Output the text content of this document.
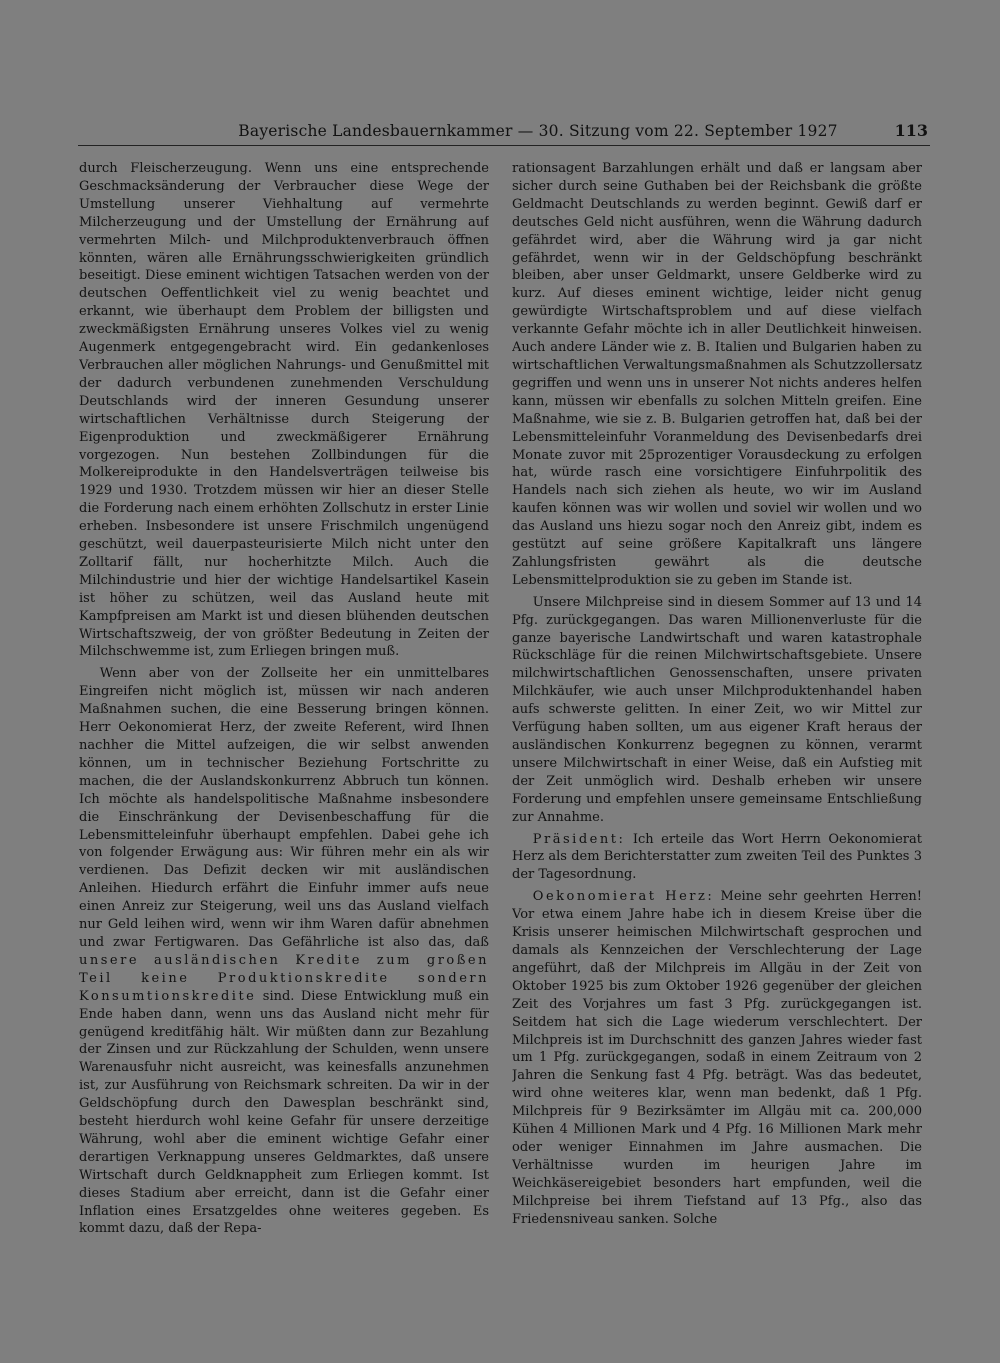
Bayerische Landesbauernkammer — 30. Sitzung vom 22. September 1927	113

durch Fleischerzeugung. Wenn uns eine entsprechende Geschmacksänderung der Verbraucher diese Wege der Umstellung unserer Viehhaltung auf vermehrte Milcherzeugung und der Umstellung der Ernährung auf vermehrten Milch- und Milchproduktenverbrauch öffnen könnten, wären alle Ernährungsschwierigkeiten gründlich beseitigt. Diese eminent wichtigen Tatsachen werden von der deutschen Oeffentlichkeit viel zu wenig beachtet und erkannt, wie überhaupt dem Problem der billigsten und zweckmäßigsten Ernährung unseres Volkes viel zu wenig Augenmerk entgegengebracht wird. Ein gedankenloses Verbrauchen aller möglichen Nahrungs- und Genußmittel mit der dadurch verbundenen zunehmenden Verschuldung Deutschlands wird der inneren Gesundung unserer wirtschaftlichen Verhältnisse durch Steigerung der Eigenproduktion und zweckmäßigerer Ernährung vorgezogen. Nun bestehen Zollbindungen für die Molkereiprodukte in den Handelsverträgen teilweise bis 1929 und 1930. Trotzdem müssen wir hier an dieser Stelle die Forderung nach einem erhöhten Zollschutz in erster Linie erheben. Insbesondere ist unsere Frischmilch ungenügend geschützt, weil dauerpasteurisierte Milch nicht unter den Zolltarif fällt, nur hocherhitzte Milch. Auch die Milchindustrie und hier der wichtige Handelsartikel Kasein ist höher zu schützen, weil das Ausland heute mit Kampfpreisen am Markt ist und diesen blühenden deutschen Wirtschaftszweig, der von größter Bedeutung in Zeiten der Milchschwemme ist, zum Erliegen bringen muß.

Wenn aber von der Zollseite her ein unmittelbares Eingreifen nicht möglich ist, müssen wir nach anderen Maßnahmen suchen, die eine Besserung bringen können. Herr Oekonomierat Herz, der zweite Referent, wird Ihnen nachher die Mittel aufzeigen, die wir selbst anwenden können, um in technischer Beziehung Fortschritte zu machen, die der Auslandskonkurrenz Abbruch tun können. Ich möchte als handelspolitische Maßnahme insbesondere die Einschränkung der Devisenbeschaffung für die Lebensmitteleinfuhr überhaupt empfehlen. Dabei gehe ich von folgender Erwägung aus: Wir führen mehr ein als wir verdienen. Das Defizit decken wir mit ausländischen Anleihen. Hiedurch erfährt die Einfuhr immer aufs neue einen Anreiz zur Steigerung, weil uns das Ausland vielfach nur Geld leihen wird, wenn wir ihm Waren dafür abnehmen und zwar Fertigwaren. Das Gefährliche ist also das, daß unsere ausländischen Kredite zum großen Teil keine Produktionskredite sondern Konsumtionskredite sind. Diese Entwicklung muß ein Ende haben dann, wenn uns das Ausland nicht mehr für genügend kreditfähig hält. Wir müßten dann zur Bezahlung der Zinsen und zur Rückzahlung der Schulden, wenn unsere Warenausfuhr nicht ausreicht, was keinesfalls anzunehmen ist, zur Ausführung von Reichsmark schreiten. Da wir in der Geldschöpfung durch den Dawesplan beschränkt sind, besteht hierdurch wohl keine Gefahr für unsere derzeitige Währung, wohl aber die eminent wichtige Gefahr einer derartigen Verknappung unseres Geldmarktes, daß unsere Wirtschaft durch Geldknappheit zum Erliegen kommt. Ist dieses Stadium aber erreicht, dann ist die Gefahr einer Inflation eines Ersatzgeldes ohne weiteres gegeben. Es kommt dazu, daß der Repa-

rationsagent Barzahlungen erhält und daß er langsam aber sicher durch seine Guthaben bei der Reichsbank die größte Geldmacht Deutschlands zu werden beginnt. Gewiß darf er deutsches Geld nicht ausführen, wenn die Währung dadurch gefährdet wird, aber die Währung wird ja gar nicht gefährdet, wenn wir in der Geldschöpfung beschränkt bleiben, aber unser Geldmarkt, unsere Geldberke wird zu kurz. Auf dieses eminent wichtige, leider nicht genug gewürdigte Wirtschaftsproblem und auf diese vielfach verkannte Gefahr möchte ich in aller Deutlichkeit hinweisen. Auch andere Länder wie z. B. Italien und Bulgarien haben zu wirtschaftlichen Verwaltungsmaßnahmen als Schutzzollersatz gegriffen und wenn uns in unserer Not nichts anderes helfen kann, müssen wir ebenfalls zu solchen Mitteln greifen. Eine Maßnahme, wie sie z. B. Bulgarien getroffen hat, daß bei der Lebensmitteleinfuhr Voranmeldung des Devisenbedarfs drei Monate zuvor mit 25prozentiger Vorausdeckung zu erfolgen hat, würde rasch eine vorsichtigere Einfuhrpolitik des Handels nach sich ziehen als heute, wo wir im Ausland kaufen können was wir wollen und soviel wir wollen und wo das Ausland uns hiezu sogar noch den Anreiz gibt, indem es gestützt auf seine größere Kapitalkraft uns längere Zahlungsfristen gewährt als die deutsche Lebensmittelproduktion sie zu geben im Stande ist.

Unsere Milchpreise sind in diesem Sommer auf 13 und 14 Pfg. zurückgegangen. Das waren Millionenverluste für die ganze bayerische Landwirtschaft und waren katastrophale Rückschläge für die reinen Milchwirtschaftsgebiete. Unsere milchwirtschaftlichen Genossenschaften, unsere privaten Milchkäufer, wie auch unser Milchproduktenhandel haben aufs schwerste gelitten. In einer Zeit, wo wir Mittel zur Verfügung haben sollten, um aus eigener Kraft heraus der ausländischen Konkurrenz begegnen zu können, verarmt unsere Milchwirtschaft in einer Weise, daß ein Aufstieg mit der Zeit unmöglich wird. Deshalb erheben wir unsere Forderung und empfehlen unsere gemeinsame Entschließung zur Annahme.

Präsident: Ich erteile das Wort Herrn Oekonomierat Herz als dem Berichterstatter zum zweiten Teil des Punktes 3 der Tagesordnung.

Oekonomierat Herz: Meine sehr geehrten Herren! Vor etwa einem Jahre habe ich in diesem Kreise über die Krisis unserer heimischen Milchwirtschaft gesprochen und damals als Kennzeichen der Verschlechterung der Lage angeführt, daß der Milchpreis im Allgäu in der Zeit von Oktober 1925 bis zum Oktober 1926 gegenüber der gleichen Zeit des Vorjahres um fast 3 Pfg. zurückgegangen ist. Seitdem hat sich die Lage wiederum verschlechtert. Der Milchpreis ist im Durchschnitt des ganzen Jahres wieder fast um 1 Pfg. zurückgegangen, sodaß in einem Zeitraum von 2 Jahren die Senkung fast 4 Pfg. beträgt. Was das bedeutet, wird ohne weiteres klar, wenn man bedenkt, daß 1 Pfg. Milchpreis für 9 Bezirksämter im Allgäu mit ca. 200,000 Kühen 4 Millionen Mark und 4 Pfg. 16 Millionen Mark mehr oder weniger Einnahmen im Jahre ausmachen. Die Verhältnisse wurden im heurigen Jahre im Weichkäsereigebiet besonders hart empfunden, weil die Milchpreise bei ihrem Tiefstand auf 13 Pfg., also das Friedensniveau sanken. Solche
